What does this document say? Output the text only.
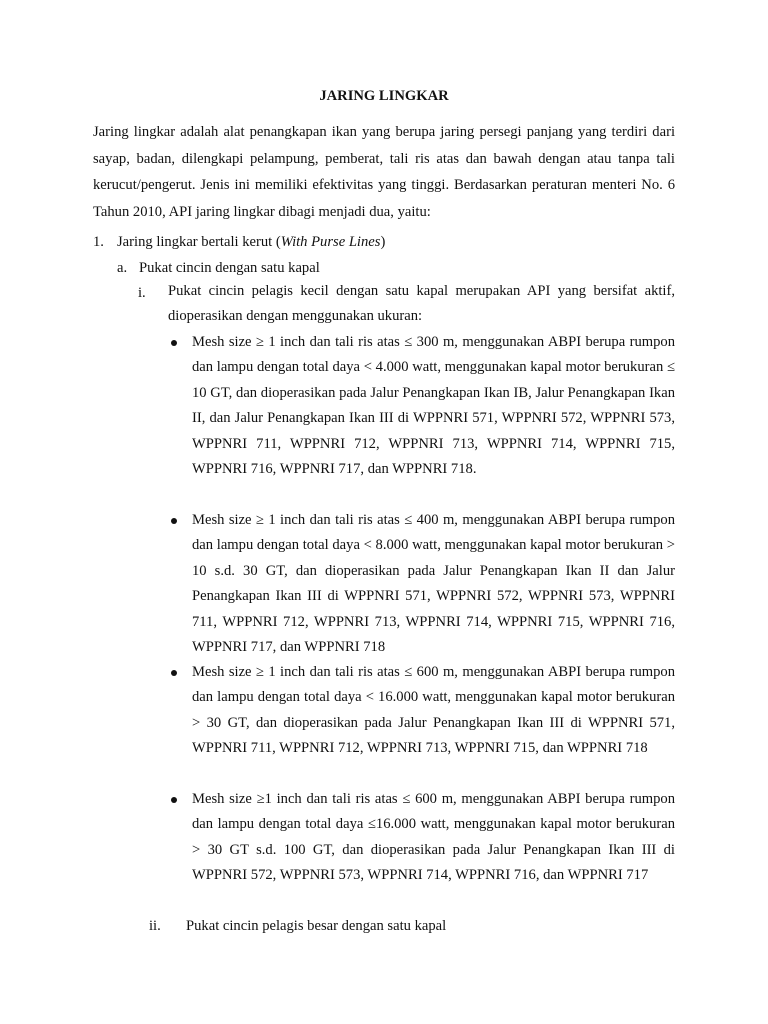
JARING LINGKAR

Jaring lingkar adalah alat penangkapan ikan yang berupa jaring persegi panjang yang terdiri dari sayap, badan, dilengkapi pelampung, pemberat, tali ris atas dan bawah dengan atau tanpa tali kerucut/pengerut. Jenis ini memiliki efektivitas yang tinggi. Berdasarkan peraturan menteri No. 6 Tahun 2010, API jaring lingkar dibagi menjadi dua, yaitu:

1. Jaring lingkar bertali kerut (With Purse Lines)
a. Pukat cincin dengan satu kapal
i. Pukat cincin pelagis kecil dengan satu kapal merupakan API yang bersifat aktif, dioperasikan dengan menggunakan ukuran:

Mesh size ≥ 1 inch dan tali ris atas ≤ 300 m, menggunakan ABPI berupa rumpon dan lampu dengan total daya < 4.000 watt, menggunakan kapal motor berukuran ≤ 10 GT, dan dioperasikan pada Jalur Penangkapan Ikan IB, Jalur Penangkapan Ikan II, dan Jalur Penangkapan Ikan III di WPPNRI 571, WPPNRI 572, WPPNRI 573, WPPNRI 711, WPPNRI 712, WPPNRI 713, WPPNRI 714, WPPNRI 715, WPPNRI 716, WPPNRI 717, dan WPPNRI 718.

Mesh size ≥ 1 inch dan tali ris atas ≤ 400 m, menggunakan ABPI berupa rumpon dan lampu dengan total daya < 8.000 watt, menggunakan kapal motor berukuran > 10 s.d. 30 GT, dan dioperasikan pada Jalur Penangkapan Ikan II dan Jalur Penangkapan Ikan III di WPPNRI 571, WPPNRI 572, WPPNRI 573, WPPNRI 711, WPPNRI 712, WPPNRI 713, WPPNRI 714, WPPNRI 715, WPPNRI 716, WPPNRI 717, dan WPPNRI 718

Mesh size ≥ 1 inch dan tali ris atas ≤ 600 m, menggunakan ABPI berupa rumpon dan lampu dengan total daya < 16.000 watt, menggunakan kapal motor berukuran > 30 GT, dan dioperasikan pada Jalur Penangkapan Ikan III di WPPNRI 571, WPPNRI 711, WPPNRI 712, WPPNRI 713, WPPNRI 715, dan WPPNRI 718

Mesh size ≥1 inch dan tali ris atas ≤ 600 m, menggunakan ABPI berupa rumpon dan lampu dengan total daya ≤16.000 watt, menggunakan kapal motor berukuran > 30 GT s.d. 100 GT, dan dioperasikan pada Jalur Penangkapan Ikan III di WPPNRI 572, WPPNRI 573, WPPNRI 714, WPPNRI 716, dan WPPNRI 717

ii. Pukat cincin pelagis besar dengan satu kapal
